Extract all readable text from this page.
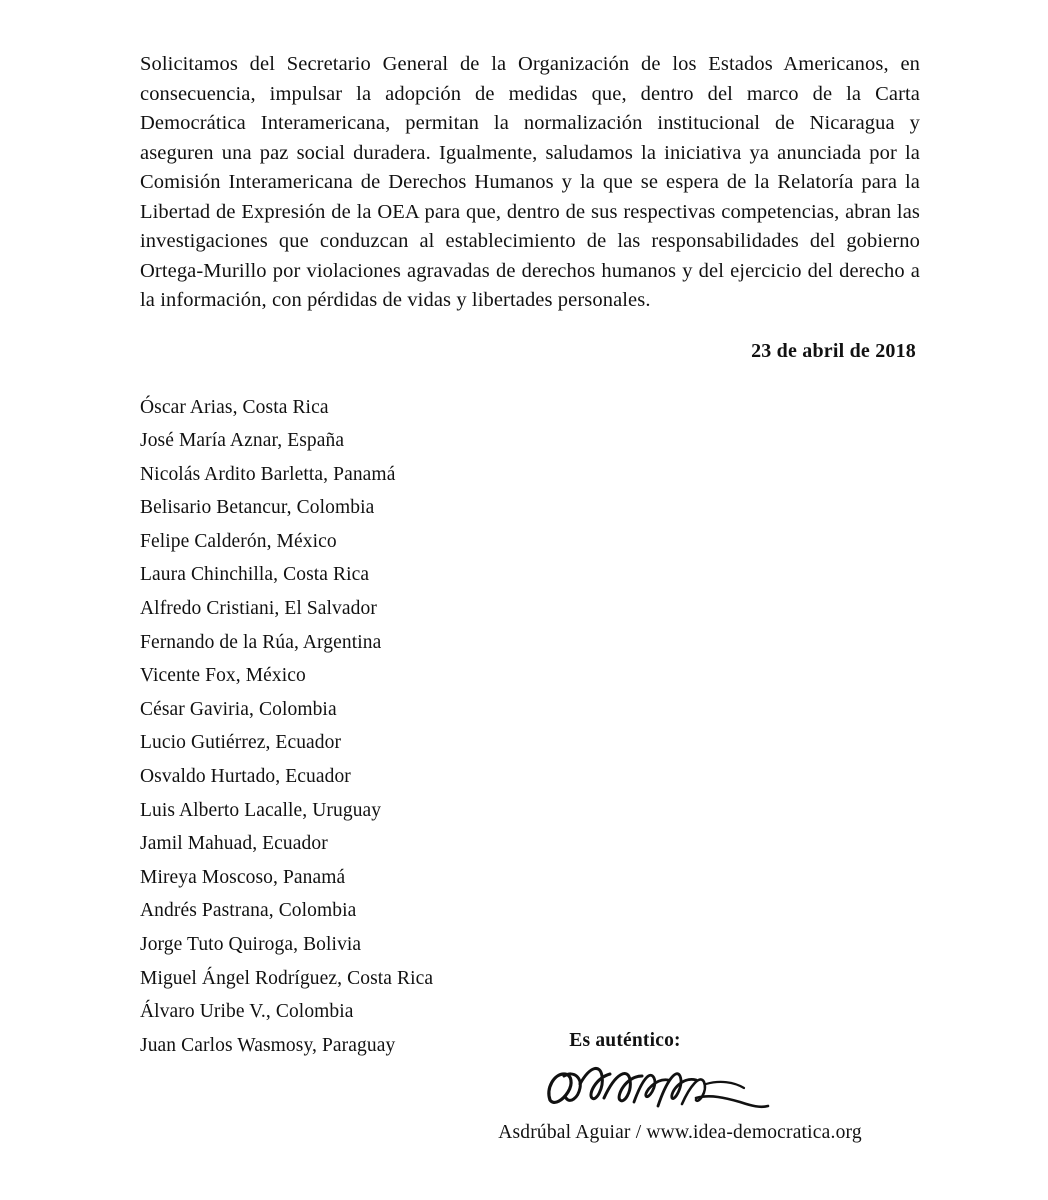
Solicitamos del Secretario General de la Organización de los Estados Americanos, en consecuencia, impulsar la adopción de medidas que, dentro del marco de la Carta Democrática Interamericana, permitan la normalización institucional de Nicaragua y aseguren una paz social duradera. Igualmente, saludamos la iniciativa ya anunciada por la Comisión Interamericana de Derechos Humanos y la que se espera de la Relatoría para la Libertad de Expresión de la OEA para que, dentro de sus respectivas competencias, abran las investigaciones que conduzcan al establecimiento de las responsabilidades del gobierno Ortega-Murillo por violaciones agravadas de derechos humanos y del ejercicio del derecho a la información, con pérdidas de vidas y libertades personales.

23 de abril de 2018
Óscar Arias, Costa Rica
José María Aznar, España
Nicolás Ardito Barletta, Panamá
Belisario Betancur, Colombia
Felipe Calderón, México
Laura Chinchilla, Costa Rica
Alfredo Cristiani, El Salvador
Fernando de la Rúa, Argentina
Vicente Fox, México
César Gaviria, Colombia
Lucio Gutiérrez, Ecuador
Osvaldo Hurtado, Ecuador
Luis Alberto Lacalle, Uruguay
Jamil Mahuad, Ecuador
Mireya Moscoso, Panamá
Andrés Pastrana, Colombia
Jorge Tuto Quiroga, Bolivia
Miguel Ángel Rodríguez, Costa Rica
Álvaro Uribe V., Colombia
Juan Carlos Wasmosy, Paraguay	Es auténtico:
Asdrúbal Aguiar / www.idea-democratica.org
